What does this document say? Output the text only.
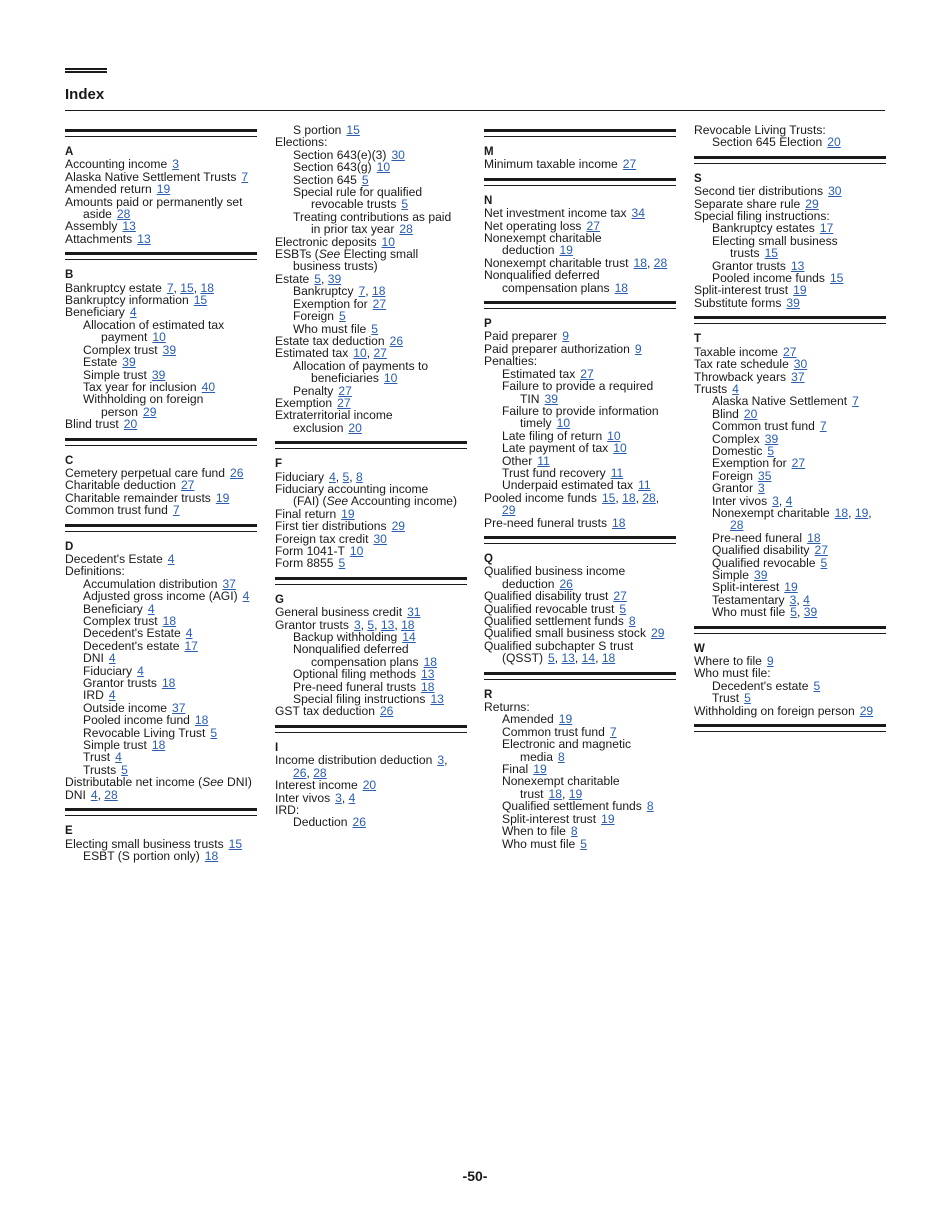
Index
A
Accounting income 3
Alaska Native Settlement Trusts 7
Amended return 19
Amounts paid or permanently set
aside 28
Assembly 13
Attachments 13
B
Bankruptcy estate 7, 15, 18
Bankruptcy information 15
Beneficiary 4
Allocation of estimated tax
payment 10
Complex trust 39
Estate 39
Simple trust 39
Tax year for inclusion 40
Withholding on foreign
person 29
Blind trust 20
C
Cemetery perpetual care fund 26
Charitable deduction 27
Charitable remainder trusts 19
Common trust fund 7
D
Decedent's Estate 4
Definitions:
Accumulation distribution 37
Adjusted gross income (AGI) 4
Beneficiary 4
Complex trust 18
Decedent's Estate 4
Decedent's estate 17
DNI 4
Fiduciary 4
Grantor trusts 18
IRD 4
Outside income 37
Pooled income fund 18
Revocable Living Trust 5
Simple trust 18
Trust 4
Trusts 5
Distributable net income (See DNI)
DNI 4, 28
E
Electing small business trusts 15
ESBT (S portion only) 18
S portion 15
Elections:
Section 643(e)(3) 30
Section 643(g) 10
Section 645 5
Special rule for qualified
revocable trusts 5
Treating contributions as paid
in prior tax year 28
Electronic deposits 10
ESBTs (See Electing small
business trusts)
Estate 5, 39
Bankruptcy 7, 18
Exemption for 27
Foreign 5
Who must file 5
Estate tax deduction 26
Estimated tax 10, 27
Allocation of payments to
beneficiaries 10
Penalty 27
Exemption 27
Extraterritorial income
exclusion 20
F
Fiduciary 4, 5, 8
Fiduciary accounting income
(FAI) (See Accounting income)
Final return 19
First tier distributions 29
Foreign tax credit 30
Form 1041-T 10
Form 8855 5
G
General business credit 31
Grantor trusts 3, 5, 13, 18
Backup withholding 14
Nonqualified deferred
compensation plans 18
Optional filing methods 13
Pre-need funeral trusts 18
Special filing instructions 13
GST tax deduction 26
I
Income distribution deduction 3,
26, 28
Interest income 20
Inter vivos 3, 4
IRD:
Deduction 26
M
Minimum taxable income 27
N
Net investment income tax 34
Net operating loss 27
Nonexempt charitable
deduction 19
Nonexempt charitable trust 18, 28
Nonqualified deferred
compensation plans 18
P
Paid preparer 9
Paid preparer authorization 9
Penalties:
Estimated tax 27
Failure to provide a required
TIN 39
Failure to provide information
timely 10
Late filing of return 10
Late payment of tax 10
Other 11
Trust fund recovery 11
Underpaid estimated tax 11
Pooled income funds 15, 18, 28,
29
Pre-need funeral trusts 18
Q
Qualified business income
deduction 26
Qualified disability trust 27
Qualified revocable trust 5
Qualified settlement funds 8
Qualified small business stock 29
Qualified subchapter S trust
(QSST) 5, 13, 14, 18
R
Returns:
Amended 19
Common trust fund 7
Electronic and magnetic
media 8
Final 19
Nonexempt charitable
trust 18, 19
Qualified settlement funds 8
Split-interest trust 19
When to file 8
Who must file 5
Revocable Living Trusts:
Section 645 Election 20
S
Second tier distributions 30
Separate share rule 29
Special filing instructions:
Bankruptcy estates 17
Electing small business
trusts 15
Grantor trusts 13
Pooled income funds 15
Split-interest trust 19
Substitute forms 39
T
Taxable income 27
Tax rate schedule 30
Throwback years 37
Trusts 4
Alaska Native Settlement 7
Blind 20
Common trust fund 7
Complex 39
Domestic 5
Exemption for 27
Foreign 35
Grantor 3
Inter vivos 3, 4
Nonexempt charitable 18, 19,
28
Pre-need funeral 18
Qualified disability 27
Qualified revocable 5
Simple 39
Split-interest 19
Testamentary 3, 4
Who must file 5, 39
W
Where to file 9
Who must file:
Decedent's estate 5
Trust 5
Withholding on foreign person 29
-50-
